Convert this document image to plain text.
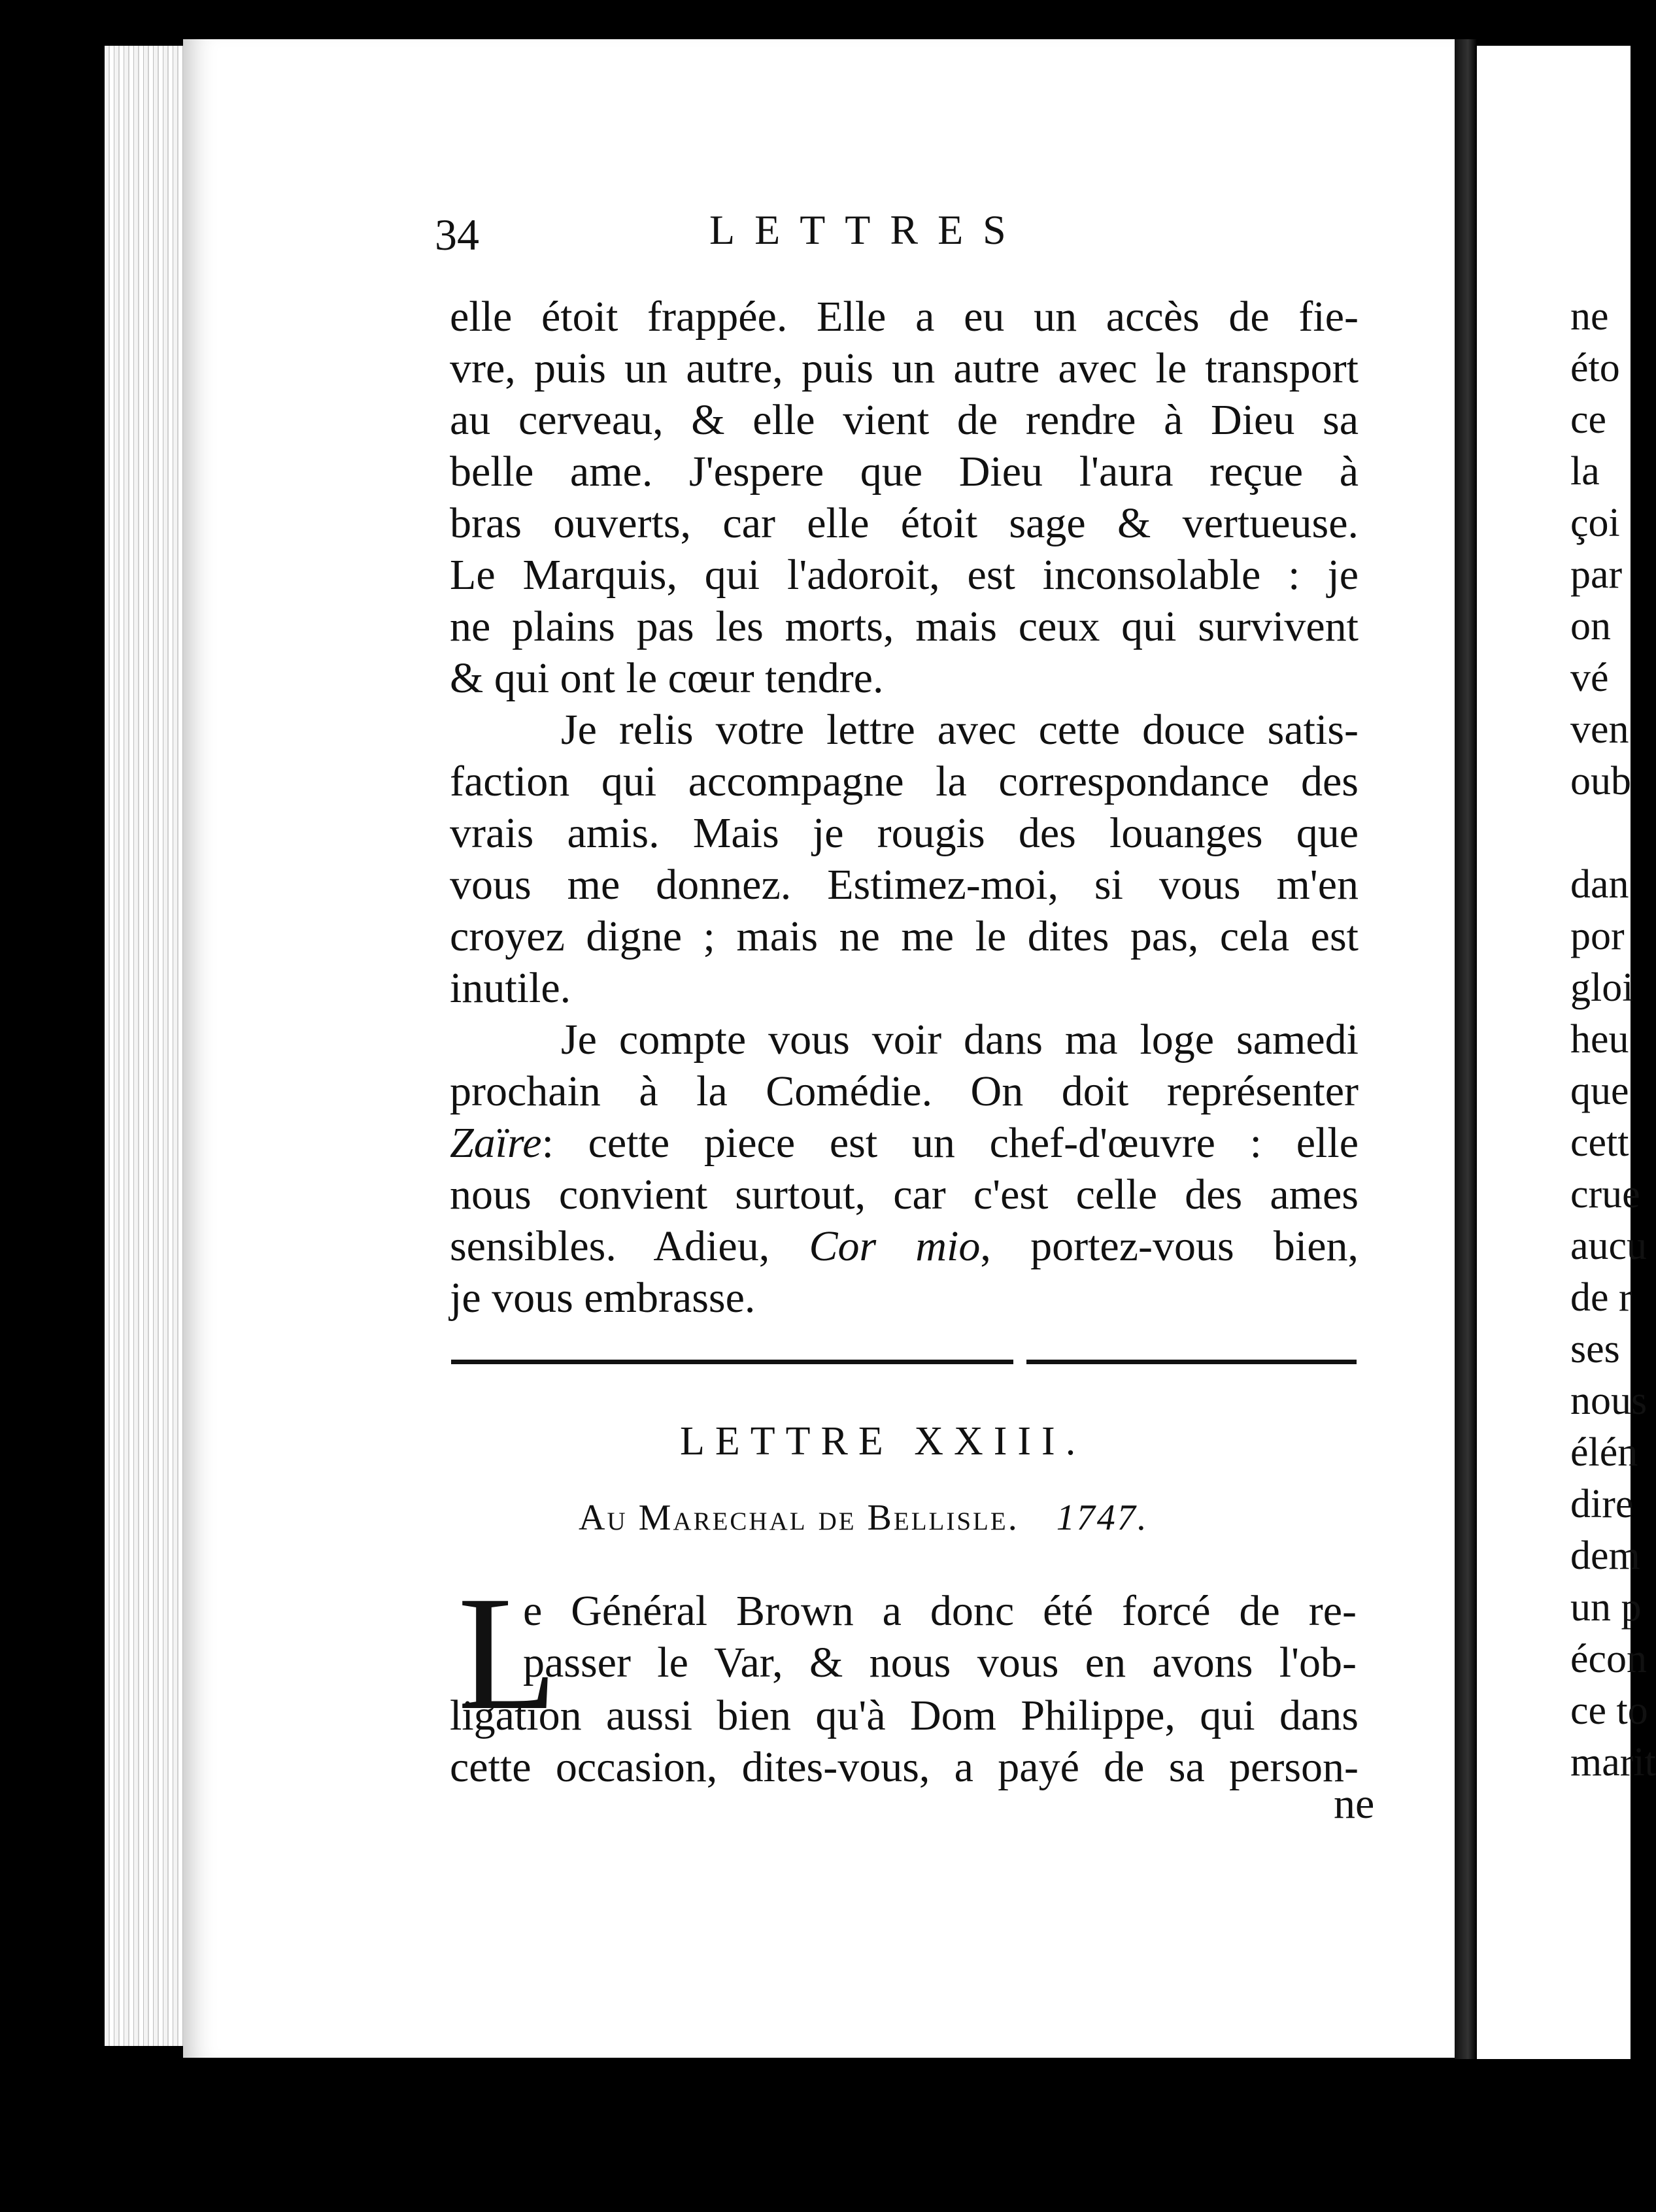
34	LETTRES
elle étoit frappée. Elle a eu un accès de fie-
vre, puis un autre, puis un autre avec le transport
au cerveau, & elle vient de rendre à Dieu sa
belle ame. J'espere que Dieu l'aura reçue à
bras ouverts, car elle étoit sage & vertueuse.
Le Marquis, qui l'adoroit, est inconsolable : je
ne plains pas les morts, mais ceux qui survivent
& qui ont le cœur tendre.
Je relis votre lettre avec cette douce satis-
faction qui accompagne la correspondance des
vrais amis. Mais je rougis des louanges que
vous me donnez. Estimez-moi, si vous m'en
croyez digne ; mais ne me le dites pas, cela est
inutile.
Je compte vous voir dans ma loge samedi
prochain à la Comédie. On doit représenter
Zaïre: cette piece est un chef-d'œuvre : elle
nous convient surtout, car c'est celle des ames
sensibles. Adieu, Cor mio, portez-vous bien,
je vous embrasse.
LETTRE XXIII.
Au Marechal de Bellisle. 1747.
L
e Général Brown a donc été forcé de re-
passer le Var, & nous vous en avons l'ob-
ligation aussi bien qu'à Dom Philippe, qui dans
cette occasion, dites-vous, a payé de sa person-
ne
ne
éto
ce
la
çoi
par
on
vé
ven
oub
dan
por
gloi
heu
que
cett
crue
aucu
de r
ses
nous
élén
dire
dem
un p
écon
ce to
marit
